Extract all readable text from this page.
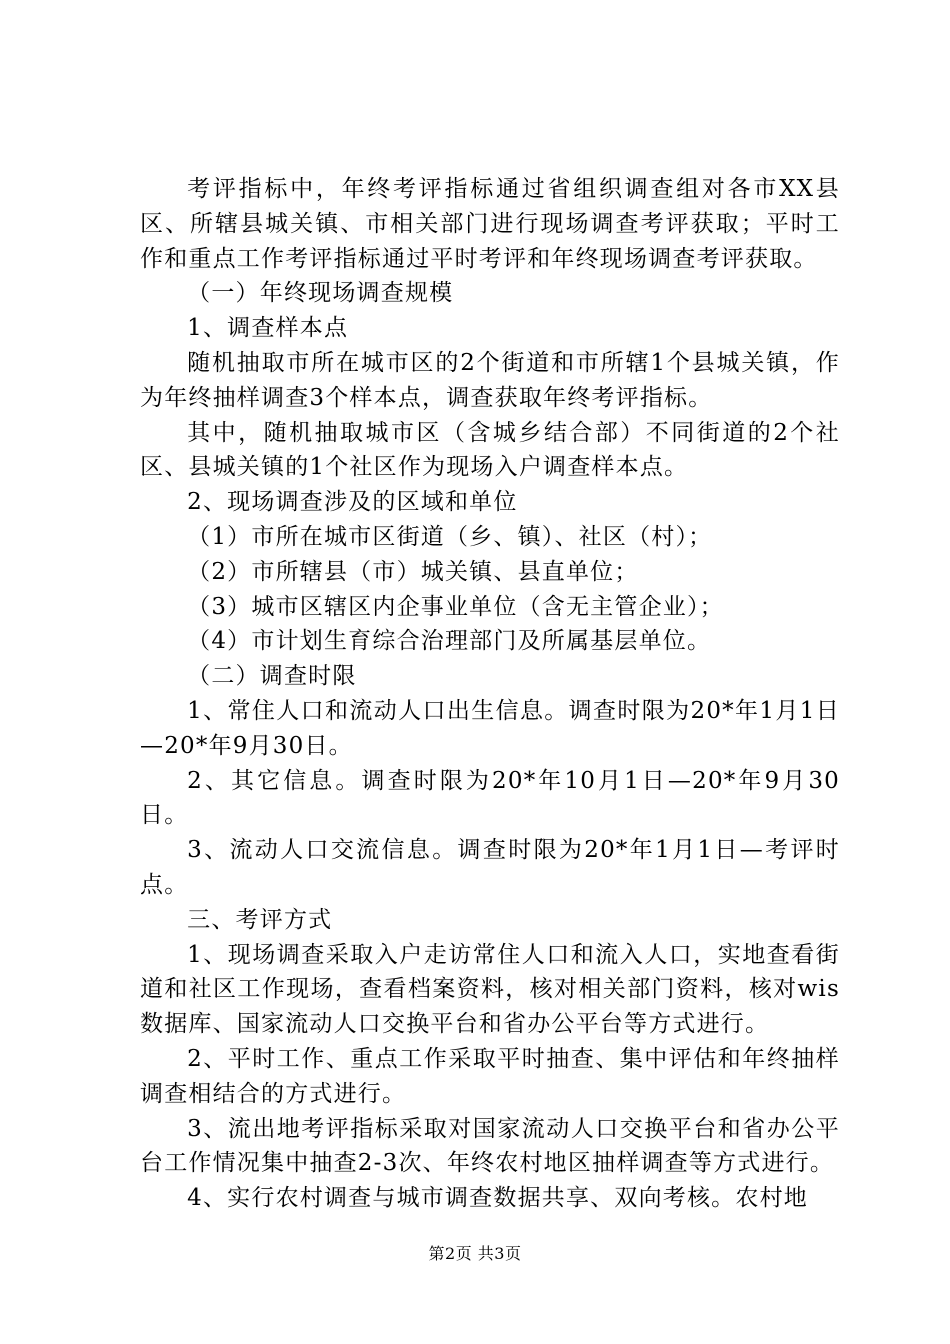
考评指标中，年终考评指标通过省组织调查组对各市XX县区、所辖县城关镇、市相关部门进行现场调查考评获取；平时工作和重点工作考评指标通过平时考评和年终现场调查考评获取。

（一）年终现场调查规模

1、调查样本点

随机抽取市所在城市区的2个街道和市所辖1个县城关镇，作为年终抽样调查3个样本点，调查获取年终考评指标。

其中，随机抽取城市区（含城乡结合部）不同街道的2个社区、县城关镇的1个社区作为现场入户调查样本点。

2、现场调查涉及的区域和单位

（1）市所在城市区街道（乡、镇）、社区（村）；

（2）市所辖县（市）城关镇、县直单位；

（3）城市区辖区内企事业单位（含无主管企业）；

（4）市计划生育综合治理部门及所属基层单位。

（二）调查时限

1、常住人口和流动人口出生信息。调查时限为20*年1月1日—20*年9月30日。

2、其它信息。调查时限为20*年10月1日—20*年9月30日。

3、流动人口交流信息。调查时限为20*年1月1日—考评时点。

三、考评方式

1、现场调查采取入户走访常住人口和流入人口，实地查看街道和社区工作现场，查看档案资料，核对相关部门资料，核对wis数据库、国家流动人口交换平台和省办公平台等方式进行。

2、平时工作、重点工作采取平时抽查、集中评估和年终抽样调查相结合的方式进行。

3、流出地考评指标采取对国家流动人口交换平台和省办公平台工作情况集中抽查2-3次、年终农村地区抽样调查等方式进行。

4、实行农村调查与城市调查数据共享、双向考核。农村地

第2页 共3页
